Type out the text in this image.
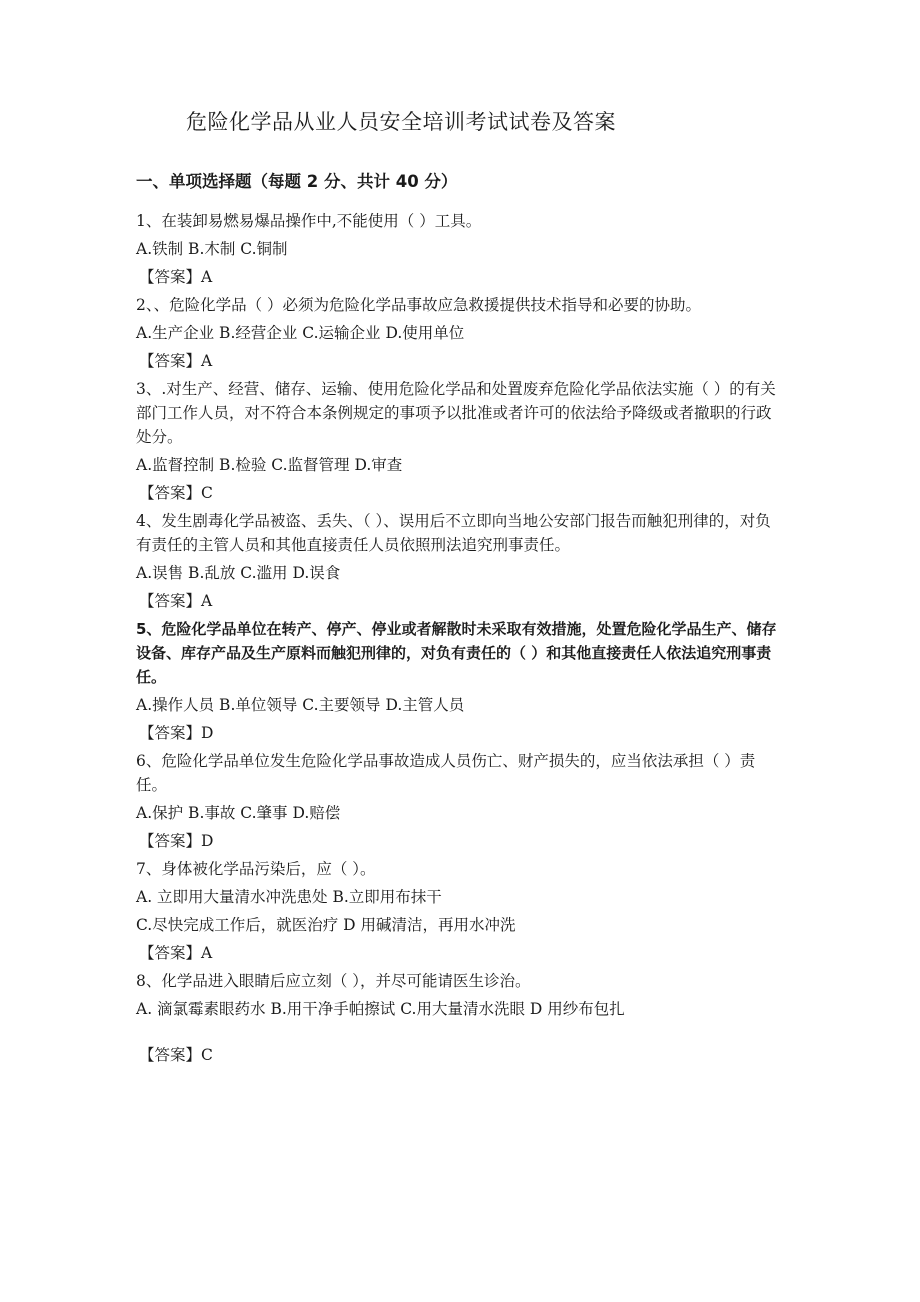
危险化学品从业人员安全培训考试试卷及答案
一、单项选择题（每题 2 分、共计 40 分）

1、在装卸易燃易爆品操作中,不能使用（ ）工具。

A.铁制 B.木制 C.铜制

【答案】A

2、、危险化学品（ ）必须为危险化学品事故应急救援提供技术指导和必要的协助。

A.生产企业 B.经营企业 C.运输企业 D.使用单位

【答案】A

3、.对生产、经营、储存、运输、使用危险化学品和处置废弃危险化学品依法实施（ ）的有关部门工作人员，对不符合本条例规定的事项予以批准或者许可的依法给予降级或者撤职的行政处分。

A.监督控制 B.检验 C.监督管理 D.审查

【答案】C

4、发生剧毒化学品被盗、丢失、（ ）、误用后不立即向当地公安部门报告而触犯刑律的，对负有责任的主管人员和其他直接责任人员依照刑法追究刑事责任。

A.误售 B.乱放 C.滥用 D.误食

【答案】A

5、危险化学品单位在转产、停产、停业或者解散时未采取有效措施，处置危险化学品生产、储存设备、库存产品及生产原料而触犯刑律的，对负有责任的（ ）和其他直接责任人依法追究刑事责任。

A.操作人员 B.单位领导 C.主要领导 D.主管人员

【答案】D

6、危险化学品单位发生危险化学品事故造成人员伤亡、财产损失的，应当依法承担（ ）责任。

A.保护 B.事故 C.肇事 D.赔偿

【答案】D

7、身体被化学品污染后，应（ ）。

A. 立即用大量清水冲洗患处 B.立即用布抹干

C.尽快完成工作后，就医治疗 D 用碱清洁，再用水冲洗

【答案】A

8、化学品进入眼睛后应立刻（ ），并尽可能请医生诊治。

A. 滴氯霉素眼药水 B.用干净手帕擦试 C.用大量清水洗眼 D 用纱布包扎

【答案】C
